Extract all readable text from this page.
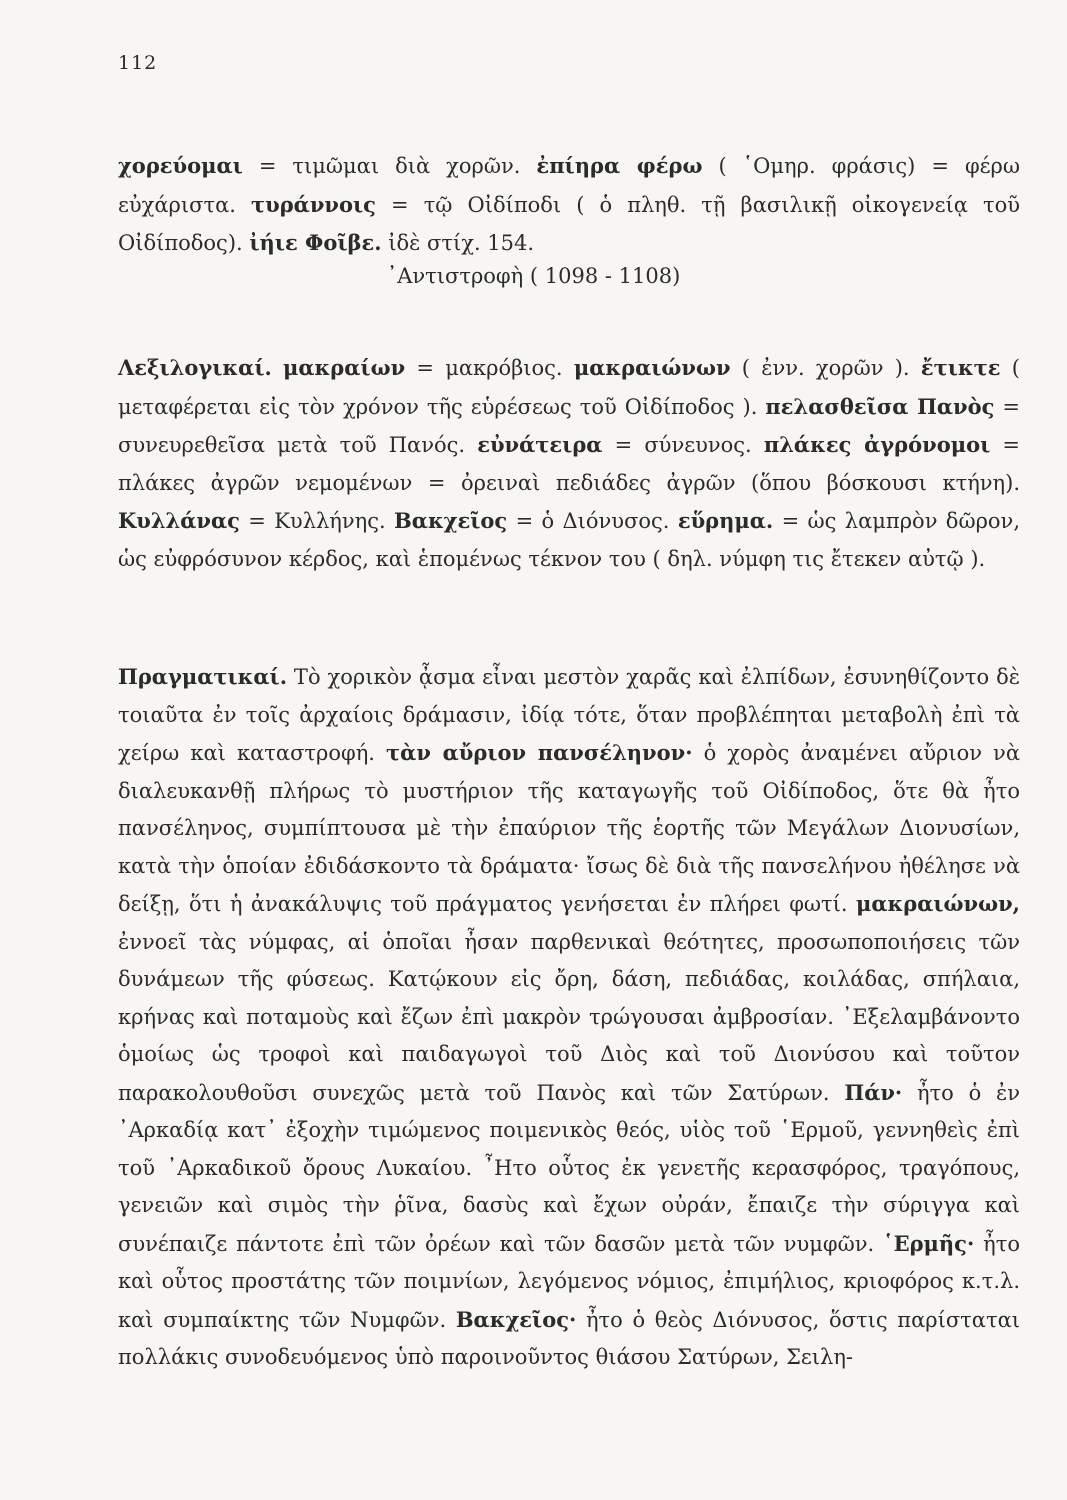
112

χορεύομαι = τιμῶμαι διὰ χορῶν. ἐπίηρα φέρω ( ῾Ομηρ. φράσις) = φέρω εὐχάριστα. τυράννοις = τῷ Οἰδίποδι ( ὁ πληθ. τῇ βασιλικῇ οἰκογενείᾳ τοῦ Οἰδίποδος). ἰήιε Φοῖβε. ἰδὲ στίχ. 154.

᾿Αντιστροφὴ ( 1098 - 1108)

Λεξιλογικαί. μακραίων = μακρόβιος. μακραιώνων ( ἐνν. χορῶν ). ἔτικτε ( μεταφέρεται εἰς τὸν χρόνον τῆς εὑρέσεως τοῦ Οἰδίποδος ). πελασθεῖσα Πανὸς = συνευρεθεῖσα μετὰ τοῦ Πανός. εὐνάτειρα = σύνευνος. πλάκες ἀγρόνομοι = πλάκες ἀγρῶν νεμομένων = ὀρειναὶ πεδιάδες ἀγρῶν (ὅπου βόσκουσι κτήνη). Κυλλάνας = Κυλλήνης. Βακχεῖος = ὁ Διόνυσος. εὕρημα. = ὡς λαμπρὸν δῶρον, ὡς εὐφρόσυνον κέρδος, καὶ ἑπομένως τέκνον του ( δηλ. νύμφη τις ἔτεκεν αὐτῷ ).

Πραγματικαί. Τὸ χορικὸν ᾆσμα εἶναι μεστὸν χαρᾶς καὶ ἐλπίδων, ἐσυνηθίζοντο δὲ τοιαῦτα ἐν τοῖς ἀρχαίοις δράμασιν, ἰδίᾳ τότε, ὅταν προβλέπηται μεταβολὴ ἐπὶ τὰ χείρω καὶ καταστροφή. τὰν αὔριον πανσέληνον· ὁ χορὸς ἀναμένει αὔριον νὰ διαλευκανθῇ πλήρως τὸ μυστήριον τῆς καταγωγῆς τοῦ Οἰδίποδος, ὅτε θὰ ἦτο πανσέληνος, συμπίπτουσα μὲ τὴν ἐπαύριον τῆς ἑορτῆς τῶν Μεγάλων Διονυσίων, κατὰ τὴν ὁποίαν ἐδιδάσκοντο τὰ δράματα· ἴσως δὲ διὰ τῆς πανσελήνου ἠθέλησε νὰ δείξῃ, ὅτι ἡ ἀνακάλυψις τοῦ πράγματος γενήσεται ἐν πλήρει φωτί. μακραιώνων, ἐννοεῖ τὰς νύμφας, αἱ ὁποῖαι ἦσαν παρθενικαὶ θεότητες, προσωποποιήσεις τῶν δυνάμεων τῆς φύσεως. Κατῴκουν εἰς ὄρη, δάση, πεδιάδας, κοιλάδας, σπήλαια, κρήνας καὶ ποταμοὺς καὶ ἔζων ἐπὶ μακρὸν τρώγουσαι ἀμβροσίαν. ᾿Εξελαμβάνοντο ὁμοίως ὡς τροφοὶ καὶ παιδαγωγοὶ τοῦ Διὸς καὶ τοῦ Διονύσου καὶ τοῦτον παρακολουθοῦσι συνεχῶς μετὰ τοῦ Πανὸς καὶ τῶν Σατύρων. Πάν· ἦτο ὁ ἐν ᾿Αρκαδίᾳ κατ᾿ ἐξοχὴν τιμώμενος ποιμενικὸς θεός, υἱὸς τοῦ ῾Ερμοῦ, γεννηθεὶς ἐπὶ τοῦ ᾿Αρκαδικοῦ ὄρους Λυκαίου. ῏Ητο οὗτος ἐκ γενετῆς κερασφόρος, τραγόπους, γενειῶν καὶ σιμὸς τὴν ῥῖνα, δασὺς καὶ ἔχων οὐράν, ἔπαιζε τὴν σύριγγα καὶ συνέπαιζε πάντοτε ἐπὶ τῶν ὀρέων καὶ τῶν δασῶν μετὰ τῶν νυμφῶν. ῾Ερμῆς· ἦτο καὶ οὗτος προστάτης τῶν ποιμνίων, λεγόμενος νόμιος, ἐπιμήλιος, κριοφόρος κ.τ.λ. καὶ συμπαίκτης τῶν Νυμφῶν. Βακχεῖος· ἦτο ὁ θεὸς Διόνυσος, ὅστις παρίσταται πολλάκις συνοδευόμενος ὑπὸ παροινοῦντος θιάσου Σατύρων, Σειλη-
